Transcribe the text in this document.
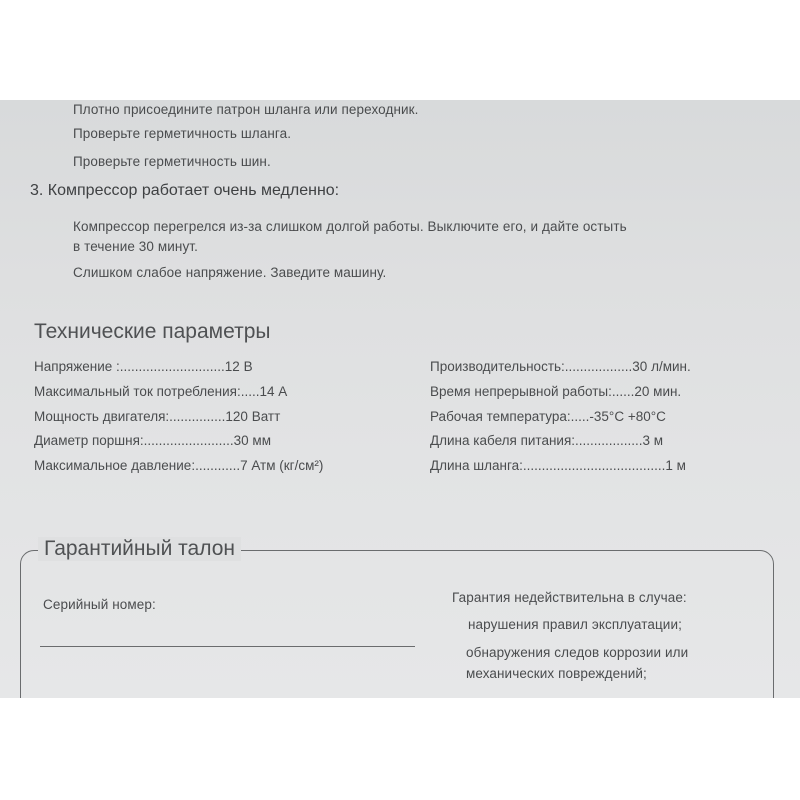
Плотно присоедините патрон шланга или переходник.
Проверьте герметичность шланга.
Проверьте герметичность шин.
3. Компрессор работает очень медленно:
Компрессор перегрелся из-за слишком долгой работы. Выключите его, и дайте остыть
в течение 30 минут.
Слишком слабое напряжение. Заведите машину.
Технические параметры
Напряжение :............................12 В
Максимальный ток потребления:.....14 А
Мощность двигателя:...............120 Ватт
Диаметр поршня:........................30 мм
Максимальное давление:............7 Атм (кг/см²)
Производительность:..................30 л/мин.
Время непрерывной работы:......20 мин.
Рабочая температура:.....-35°С +80°С
Длина кабеля питания:..................3 м
Длина шланга:......................................1 м
Гарантийный талон
Серийный номер:	Гарантия недействительна в случае:
нарушения правил эксплуатации;
обнаружения следов коррозии или
механических повреждений;
